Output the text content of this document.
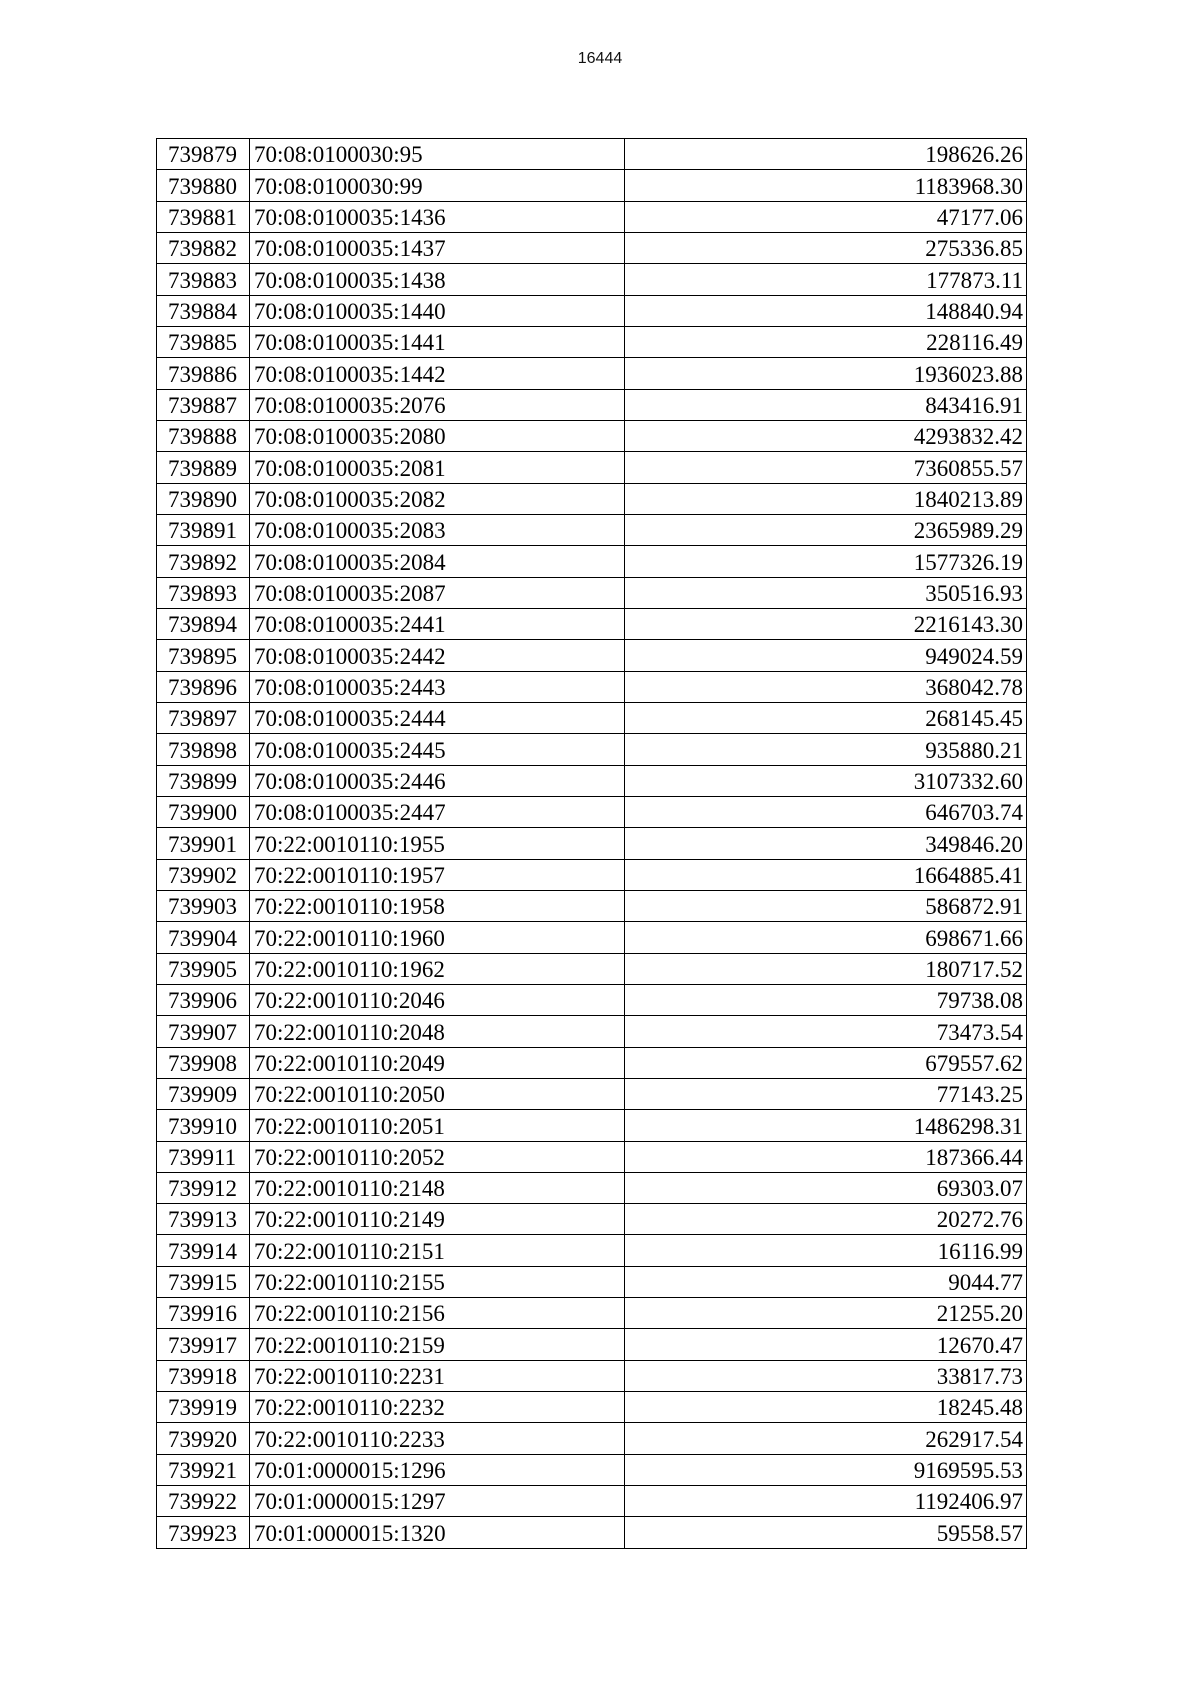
16444
739879	70:08:0100030:95	198626.26
739880	70:08:0100030:99	1183968.30
739881	70:08:0100035:1436	47177.06
739882	70:08:0100035:1437	275336.85
739883	70:08:0100035:1438	177873.11
739884	70:08:0100035:1440	148840.94
739885	70:08:0100035:1441	228116.49
739886	70:08:0100035:1442	1936023.88
739887	70:08:0100035:2076	843416.91
739888	70:08:0100035:2080	4293832.42
739889	70:08:0100035:2081	7360855.57
739890	70:08:0100035:2082	1840213.89
739891	70:08:0100035:2083	2365989.29
739892	70:08:0100035:2084	1577326.19
739893	70:08:0100035:2087	350516.93
739894	70:08:0100035:2441	2216143.30
739895	70:08:0100035:2442	949024.59
739896	70:08:0100035:2443	368042.78
739897	70:08:0100035:2444	268145.45
739898	70:08:0100035:2445	935880.21
739899	70:08:0100035:2446	3107332.60
739900	70:08:0100035:2447	646703.74
739901	70:22:0010110:1955	349846.20
739902	70:22:0010110:1957	1664885.41
739903	70:22:0010110:1958	586872.91
739904	70:22:0010110:1960	698671.66
739905	70:22:0010110:1962	180717.52
739906	70:22:0010110:2046	79738.08
739907	70:22:0010110:2048	73473.54
739908	70:22:0010110:2049	679557.62
739909	70:22:0010110:2050	77143.25
739910	70:22:0010110:2051	1486298.31
739911	70:22:0010110:2052	187366.44
739912	70:22:0010110:2148	69303.07
739913	70:22:0010110:2149	20272.76
739914	70:22:0010110:2151	16116.99
739915	70:22:0010110:2155	9044.77
739916	70:22:0010110:2156	21255.20
739917	70:22:0010110:2159	12670.47
739918	70:22:0010110:2231	33817.73
739919	70:22:0010110:2232	18245.48
739920	70:22:0010110:2233	262917.54
739921	70:01:0000015:1296	9169595.53
739922	70:01:0000015:1297	1192406.97
739923	70:01:0000015:1320	59558.57
